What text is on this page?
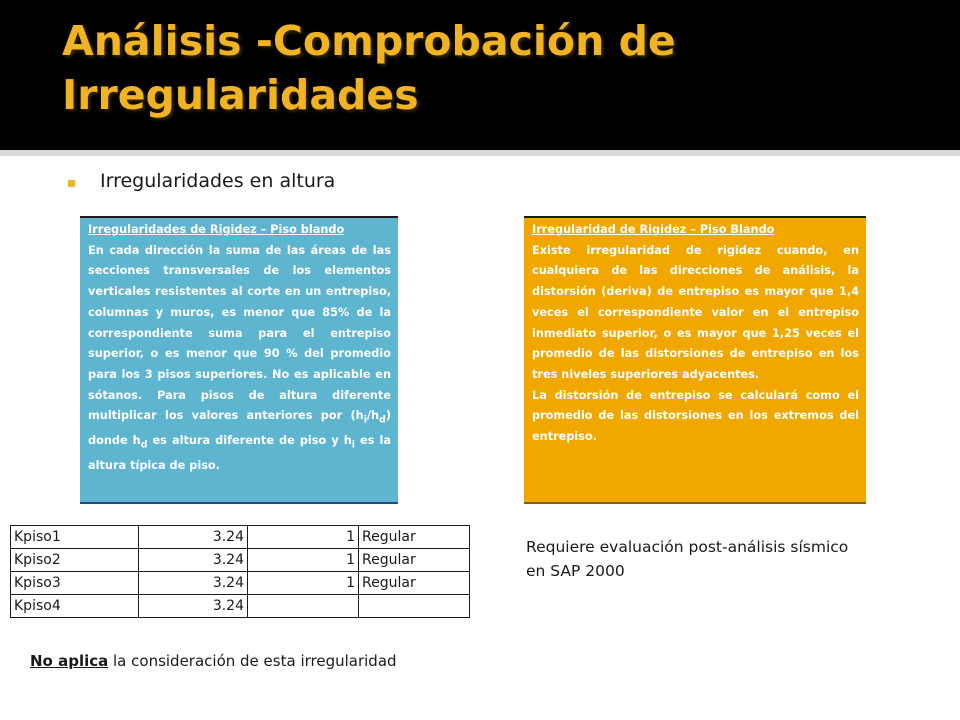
Análisis -Comprobación de Irregularidades
Irregularidades en altura

Irregularidades de Rigidez – Piso blando

En cada dirección la suma de las áreas de las secciones transversales de los elementos verticales resistentes al corte en un entrepiso, columnas y muros, es menor que 85% de la correspondiente suma para el entrepiso superior, o es menor que 90 % del promedio para los 3 pisos superiores. No es aplicable en sótanos. Para pisos de altura diferente multiplicar los valores anteriores por $(h_i/h_d)$ donde $h_d$ es altura diferente de piso y $h_i$ es la altura típica de piso.

Irregularidad de Rigidez – Piso Blando

Existe irregularidad de rigidez cuando, en cualquiera de las direcciones de análisis, la distorsión (deriva) de entrepiso es mayor que 1,4 veces el correspondiente valor en el entrepiso inmediato superior, o es mayor que 1,25 veces el promedio de las distorsiones de entrepiso en los tres niveles superiores adyacentes.

La distorsión de entrepiso se calculará como el promedio de las distorsiones en los extremos del entrepiso.

Kpiso1	3.24	1	Regular
Kpiso2	3.24	1	Regular
Kpiso3	3.24	1	Regular
Kpiso4	3.24		
No aplica la consideración de esta irregularidad
Requiere evaluación post-análisis sísmico en SAP 2000
